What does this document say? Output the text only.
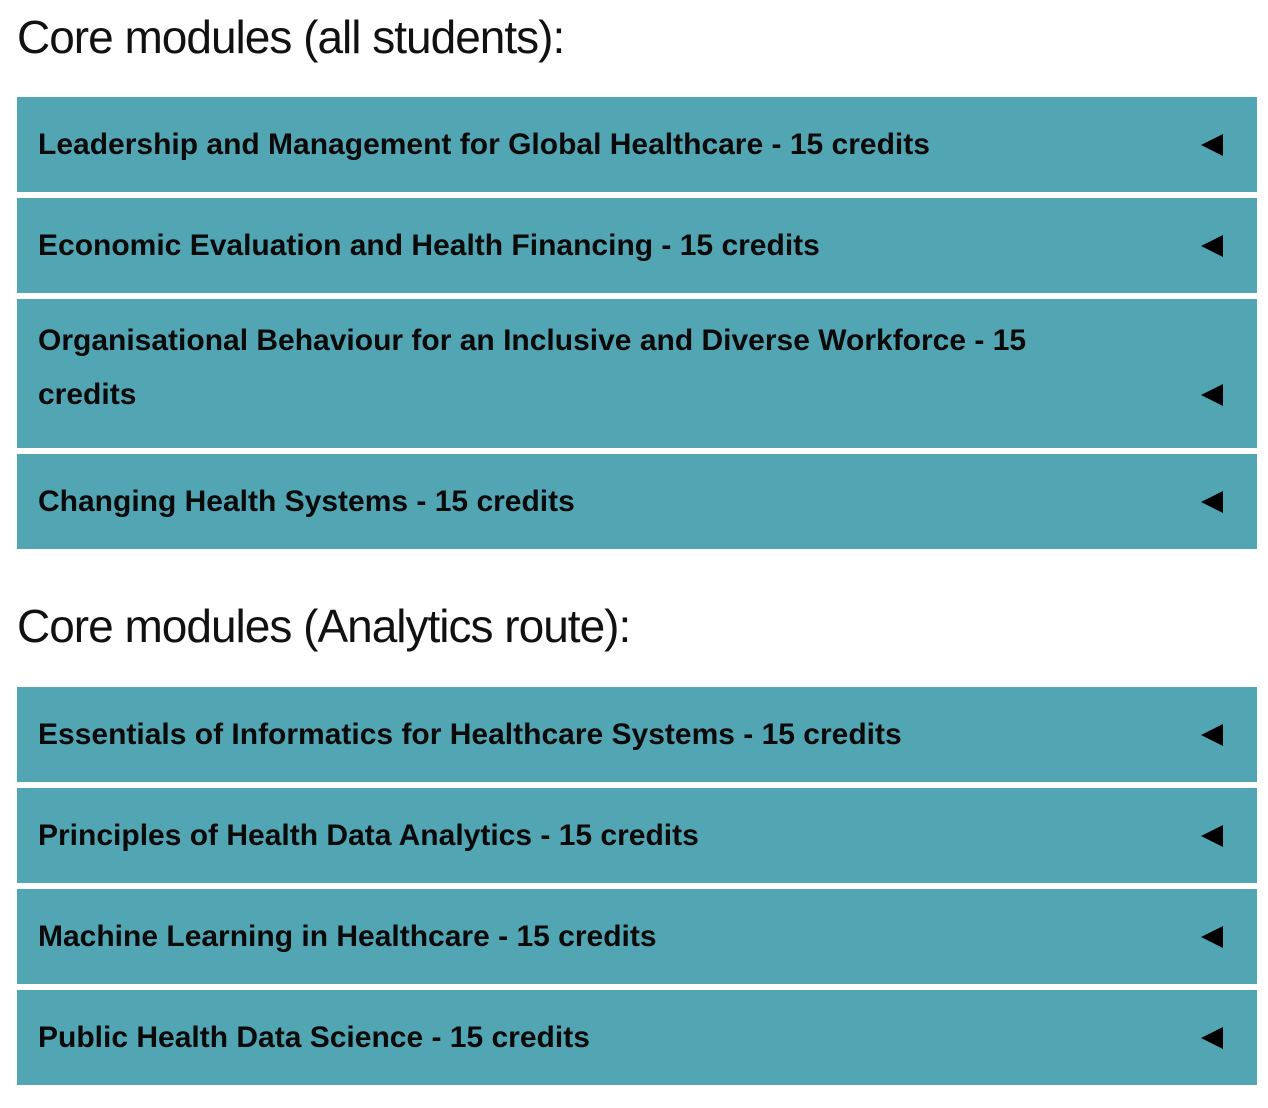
Core modules (all students):
Leadership and Management for Global Healthcare - 15 credits
Economic Evaluation and Health Financing - 15 credits
Organisational Behaviour for an Inclusive and Diverse Workforce - 15 credits
Changing Health Systems - 15 credits
Core modules (Analytics route):
Essentials of Informatics for Healthcare Systems - 15 credits
Principles of Health Data Analytics - 15 credits
Machine Learning in Healthcare - 15 credits
Public Health Data Science - 15 credits
